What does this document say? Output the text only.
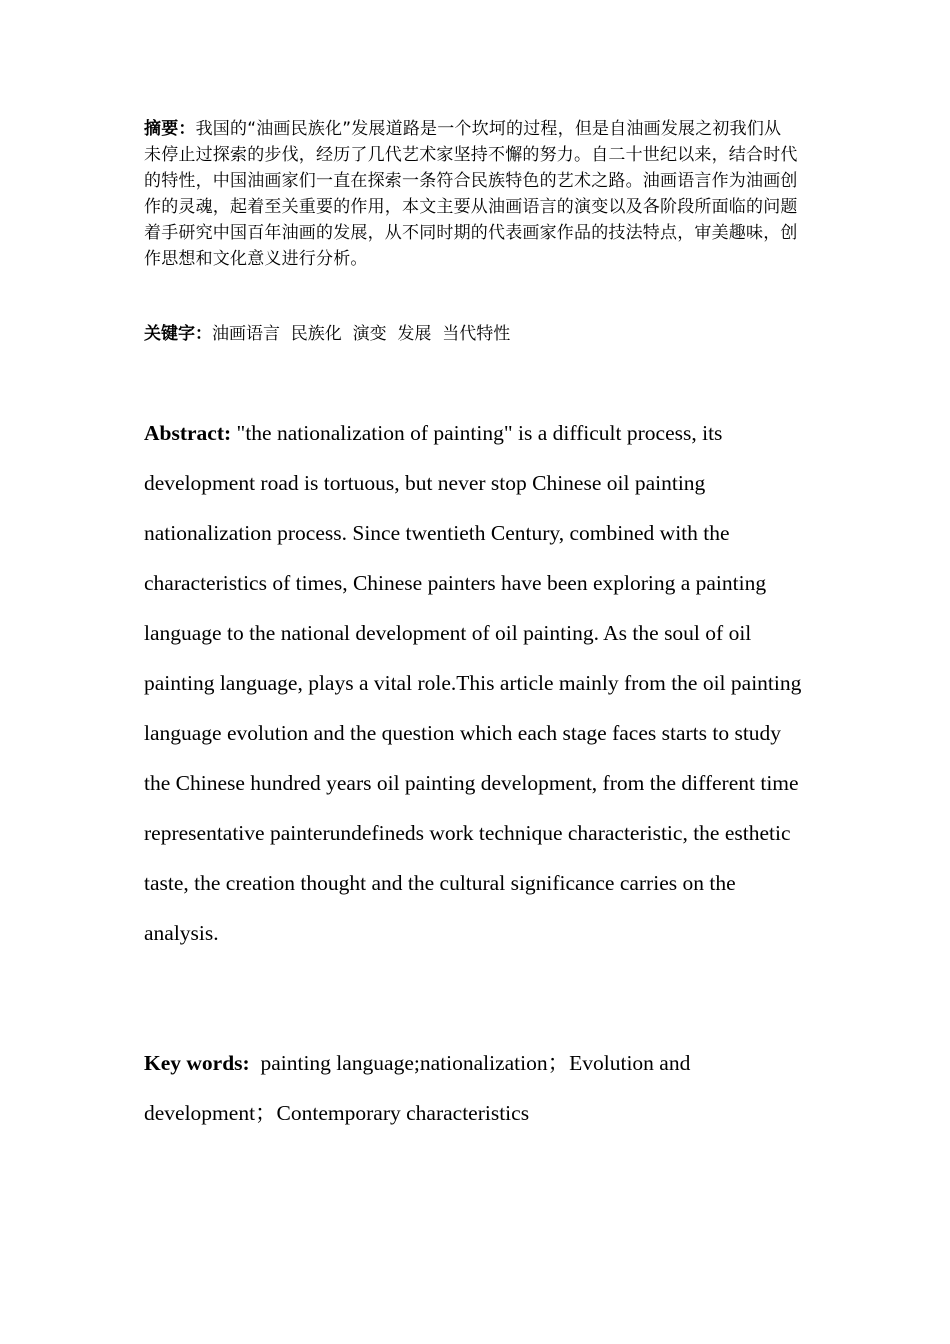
摘要：我国的“油画民族化”发展道路是一个坎坷的过程，但是自油画发展之初我们从未停止过探索的步伐，经历了几代艺术家坚持不懈的努力。自二十世纪以来，结合时代的特性，中国油画家们一直在探索一条符合民族特色的艺术之路。油画语言作为油画创作的灵魂，起着至关重要的作用，本文主要从油画语言的演变以及各阶段所面临的问题着手研究中国百年油画的发展，从不同时期的代表画家作品的技法特点，审美趣味，创作思想和文化意义进行分析。

关键字：油画语言  民族化  演变  发展  当代特性

Abstract: "the nationalization of painting" is a difficult process, its development road is tortuous, but never stop Chinese oil painting nationalization process. Since twentieth Century, combined with the characteristics of times, Chinese painters have been exploring a painting language to the national development of oil painting. As the soul of oil painting language, plays a vital role.This article mainly from the oil painting language evolution and the question which each stage faces starts to study the Chinese hundred years oil painting development, from the different time representative painterundefineds work technique characteristic, the esthetic taste, the creation thought and the cultural significance carries on the analysis.

Key words:  painting language;nationalization；Evolution and development；Contemporary characteristics
